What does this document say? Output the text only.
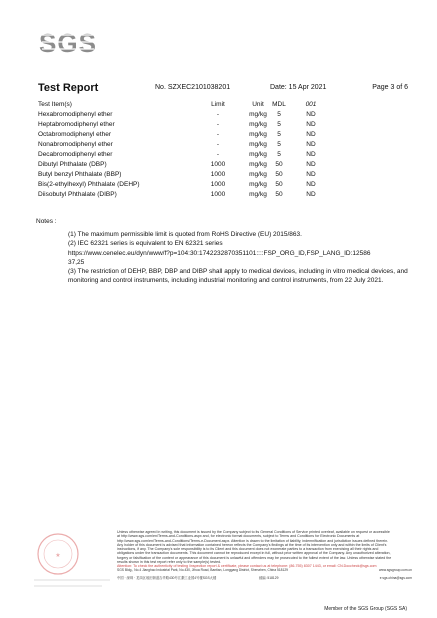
SGS
Test Report	No. SZXEC2101038201	Date: 15 Apr 2021	Page 3 of 6
Test Item(s)	Limit	Unit	MDL	001
Hexabromodiphenyl ether	-	mg/kg	5	ND
Heptabromodiphenyl ether	-	mg/kg	5	ND
Octabromodiphenyl ether	-	mg/kg	5	ND
Nonabromodiphenyl ether	-	mg/kg	5	ND
Decabromodiphenyl ether	-	mg/kg	5	ND
Dibutyl Phthalate (DBP)	1000	mg/kg	50	ND
Butyl benzyl Phthalate (BBP)	1000	mg/kg	50	ND
Bis(2-ethylhexyl) Phthalate (DEHP)	1000	mg/kg	50	ND
Diisobutyl Phthalate (DIBP)	1000	mg/kg	50	ND
Notes :

(1) The maximum permissible limit is quoted from RoHS Directive (EU) 2015/863.

(2) IEC 62321 series is equivalent to EN 62321 series

https://www.cenelec.eu/dyn/www/f?p=104:30:1742232870351101::::FSP_ORG_ID,FSP_LANG_ID:12586

37,25

(3) The restriction of DEHP, BBP, DBP and DIBP shall apply to medical devices, including in vitro medical devices, and monitoring and control instruments, including industrial monitoring and control instruments, from 22 July 2021.

★

Unless otherwise agreed in writing, this document is issued by the Company subject to its General Conditions of Service printed overleaf, available on request or accessible at http://www.sgs.com/en/Terms-and-Conditions.aspx and, for electronic format documents, subject to Terms and Conditions for Electronic Documents at http://www.sgs.com/en/Terms-and-Conditions/Terms-e-Document.aspx. Attention is drawn to the limitation of liability, indemnification and jurisdiction issues defined therein. Any holder of this document is advised that information contained hereon reflects the Company's findings at the time of its intervention only and within the limits of Client's instructions, if any. The Company's sole responsibility is to its Client and this document does not exonerate parties to a transaction from exercising all their rights and obligations under the transaction documents. This document cannot be reproduced except in full, without prior written approval of the Company. Any unauthorized alteration, forgery or falsification of the content or appearance of this document is unlawful and offenders may be prosecuted to the fullest extent of the law. Unless otherwise stated the results shown in this test report refer only to the sample(s) tested.

Attention: To check the authenticity of testing /inspection report & certificate, please contact us at telephone: (86-755) 8307 1443, or email: CN.Doccheck@sgs.com

SGS Bldg., No.4 Jianghao Industrial Park, No.430, Jihua Road, Bantian, Longgang District, Shenzhen, China 518129	www.sgsgroup.com.cn
中国 · 深圳 · 龙岗区坂田街道吉华路430号江灏工业园4号楼SGS大楼	邮编: 518129	e sgs.china@sgs.com
Member of the SGS Group (SGS SA)
